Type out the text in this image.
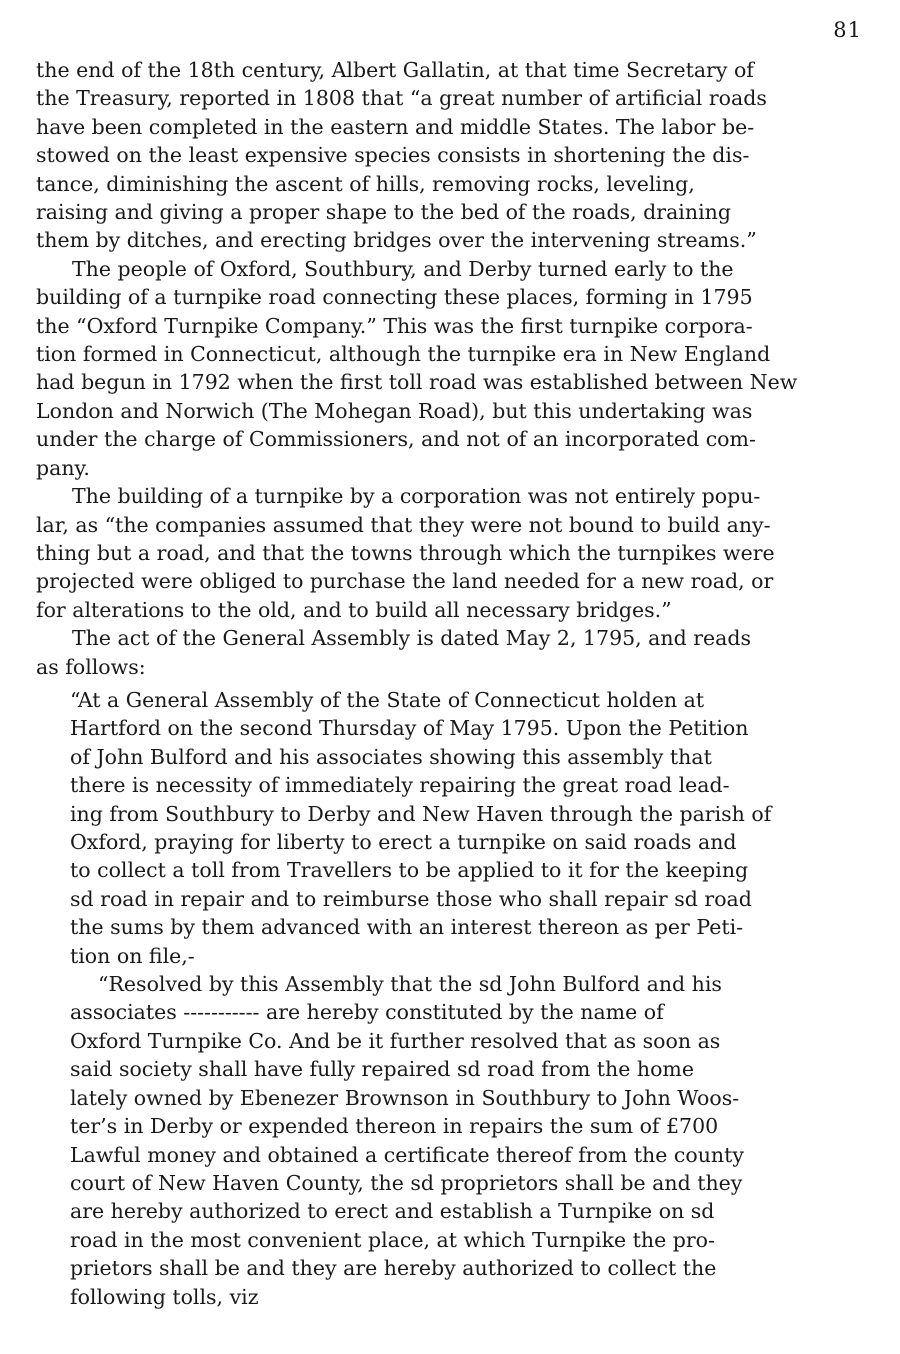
81
the end of the 18th century, Albert Gallatin, at that time Secretary of
the Treasury, reported in 1808 that “a great number of artificial roads
have been completed in the eastern and middle States. The labor be-
stowed on the least expensive species consists in shortening the dis-
tance, diminishing the ascent of hills, removing rocks, leveling,
raising and giving a proper shape to the bed of the roads, draining
them by ditches, and erecting bridges over the intervening streams.”
The people of Oxford, Southbury, and Derby turned early to the
building of a turnpike road connecting these places, forming in 1795
the “Oxford Turnpike Company.” This was the first turnpike corpora-
tion formed in Connecticut, although the turnpike era in New England
had begun in 1792 when the first toll road was established between New
London and Norwich (The Mohegan Road), but this undertaking was
under the charge of Commissioners, and not of an incorporated com-
pany.
The building of a turnpike by a corporation was not entirely popu-
lar, as “the companies assumed that they were not bound to build any-
thing but a road, and that the towns through which the turnpikes were
projected were obliged to purchase the land needed for a new road, or
for alterations to the old, and to build all necessary bridges.”
The act of the General Assembly is dated May 2, 1795, and reads
as follows:
“At a General Assembly of the State of Connecticut holden at
Hartford on the second Thursday of May 1795. Upon the Petition
of John Bulford and his associates showing this assembly that
there is necessity of immediately repairing the great road lead-
ing from Southbury to Derby and New Haven through the parish of
Oxford, praying for liberty to erect a turnpike on said roads and
to collect a toll from Travellers to be applied to it for the keeping
sd road in repair and to reimburse those who shall repair sd road
the sums by them advanced with an interest thereon as per Peti-
tion on file,-
“Resolved by this Assembly that the sd John Bulford and his
associates ----------- are hereby constituted by the name of
Oxford Turnpike Co. And be it further resolved that as soon as
said society shall have fully repaired sd road from the home
lately owned by Ebenezer Brownson in Southbury to John Woos-
ter’s in Derby or expended thereon in repairs the sum of £700
Lawful money and obtained a certificate thereof from the county
court of New Haven County, the sd proprietors shall be and they
are hereby authorized to erect and establish a Turnpike on sd
road in the most convenient place, at which Turnpike the pro-
prietors shall be and they are hereby authorized to collect the
following tolls, viz
